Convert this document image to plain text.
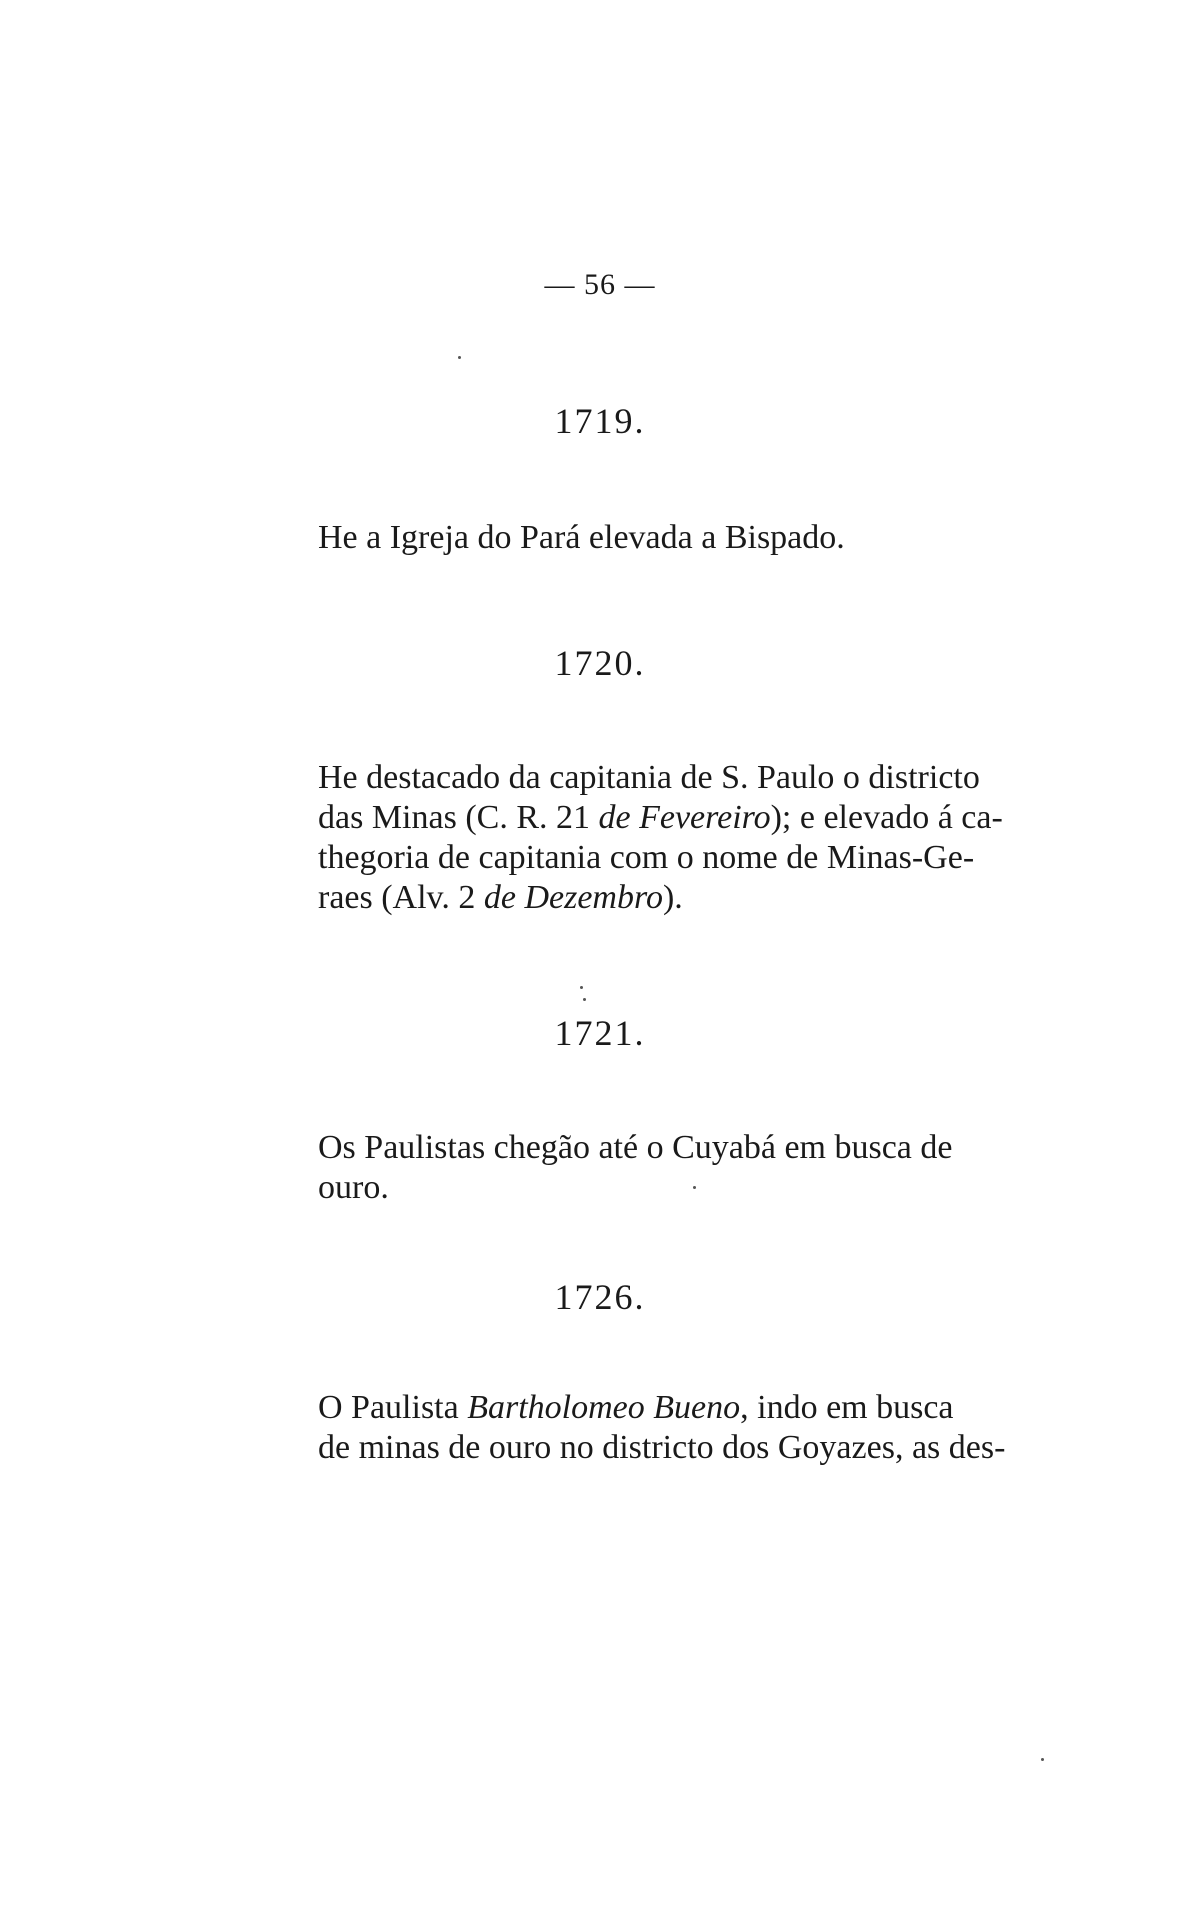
— 56 —
1719.
He a Igreja do Pará elevada a Bispado.
1720.
He destacado da capitania de S. Paulo o districto
das Minas (C. R. 21 de Fevereiro); e elevado á ca-
thegoria de capitania com o nome de Minas-Ge-
raes (Alv. 2 de Dezembro).
1721.
Os Paulistas chegão até o Cuyabá em busca de
ouro.
1726.
O Paulista Bartholomeo Bueno, indo em busca
de minas de ouro no districto dos Goyazes, as des-
